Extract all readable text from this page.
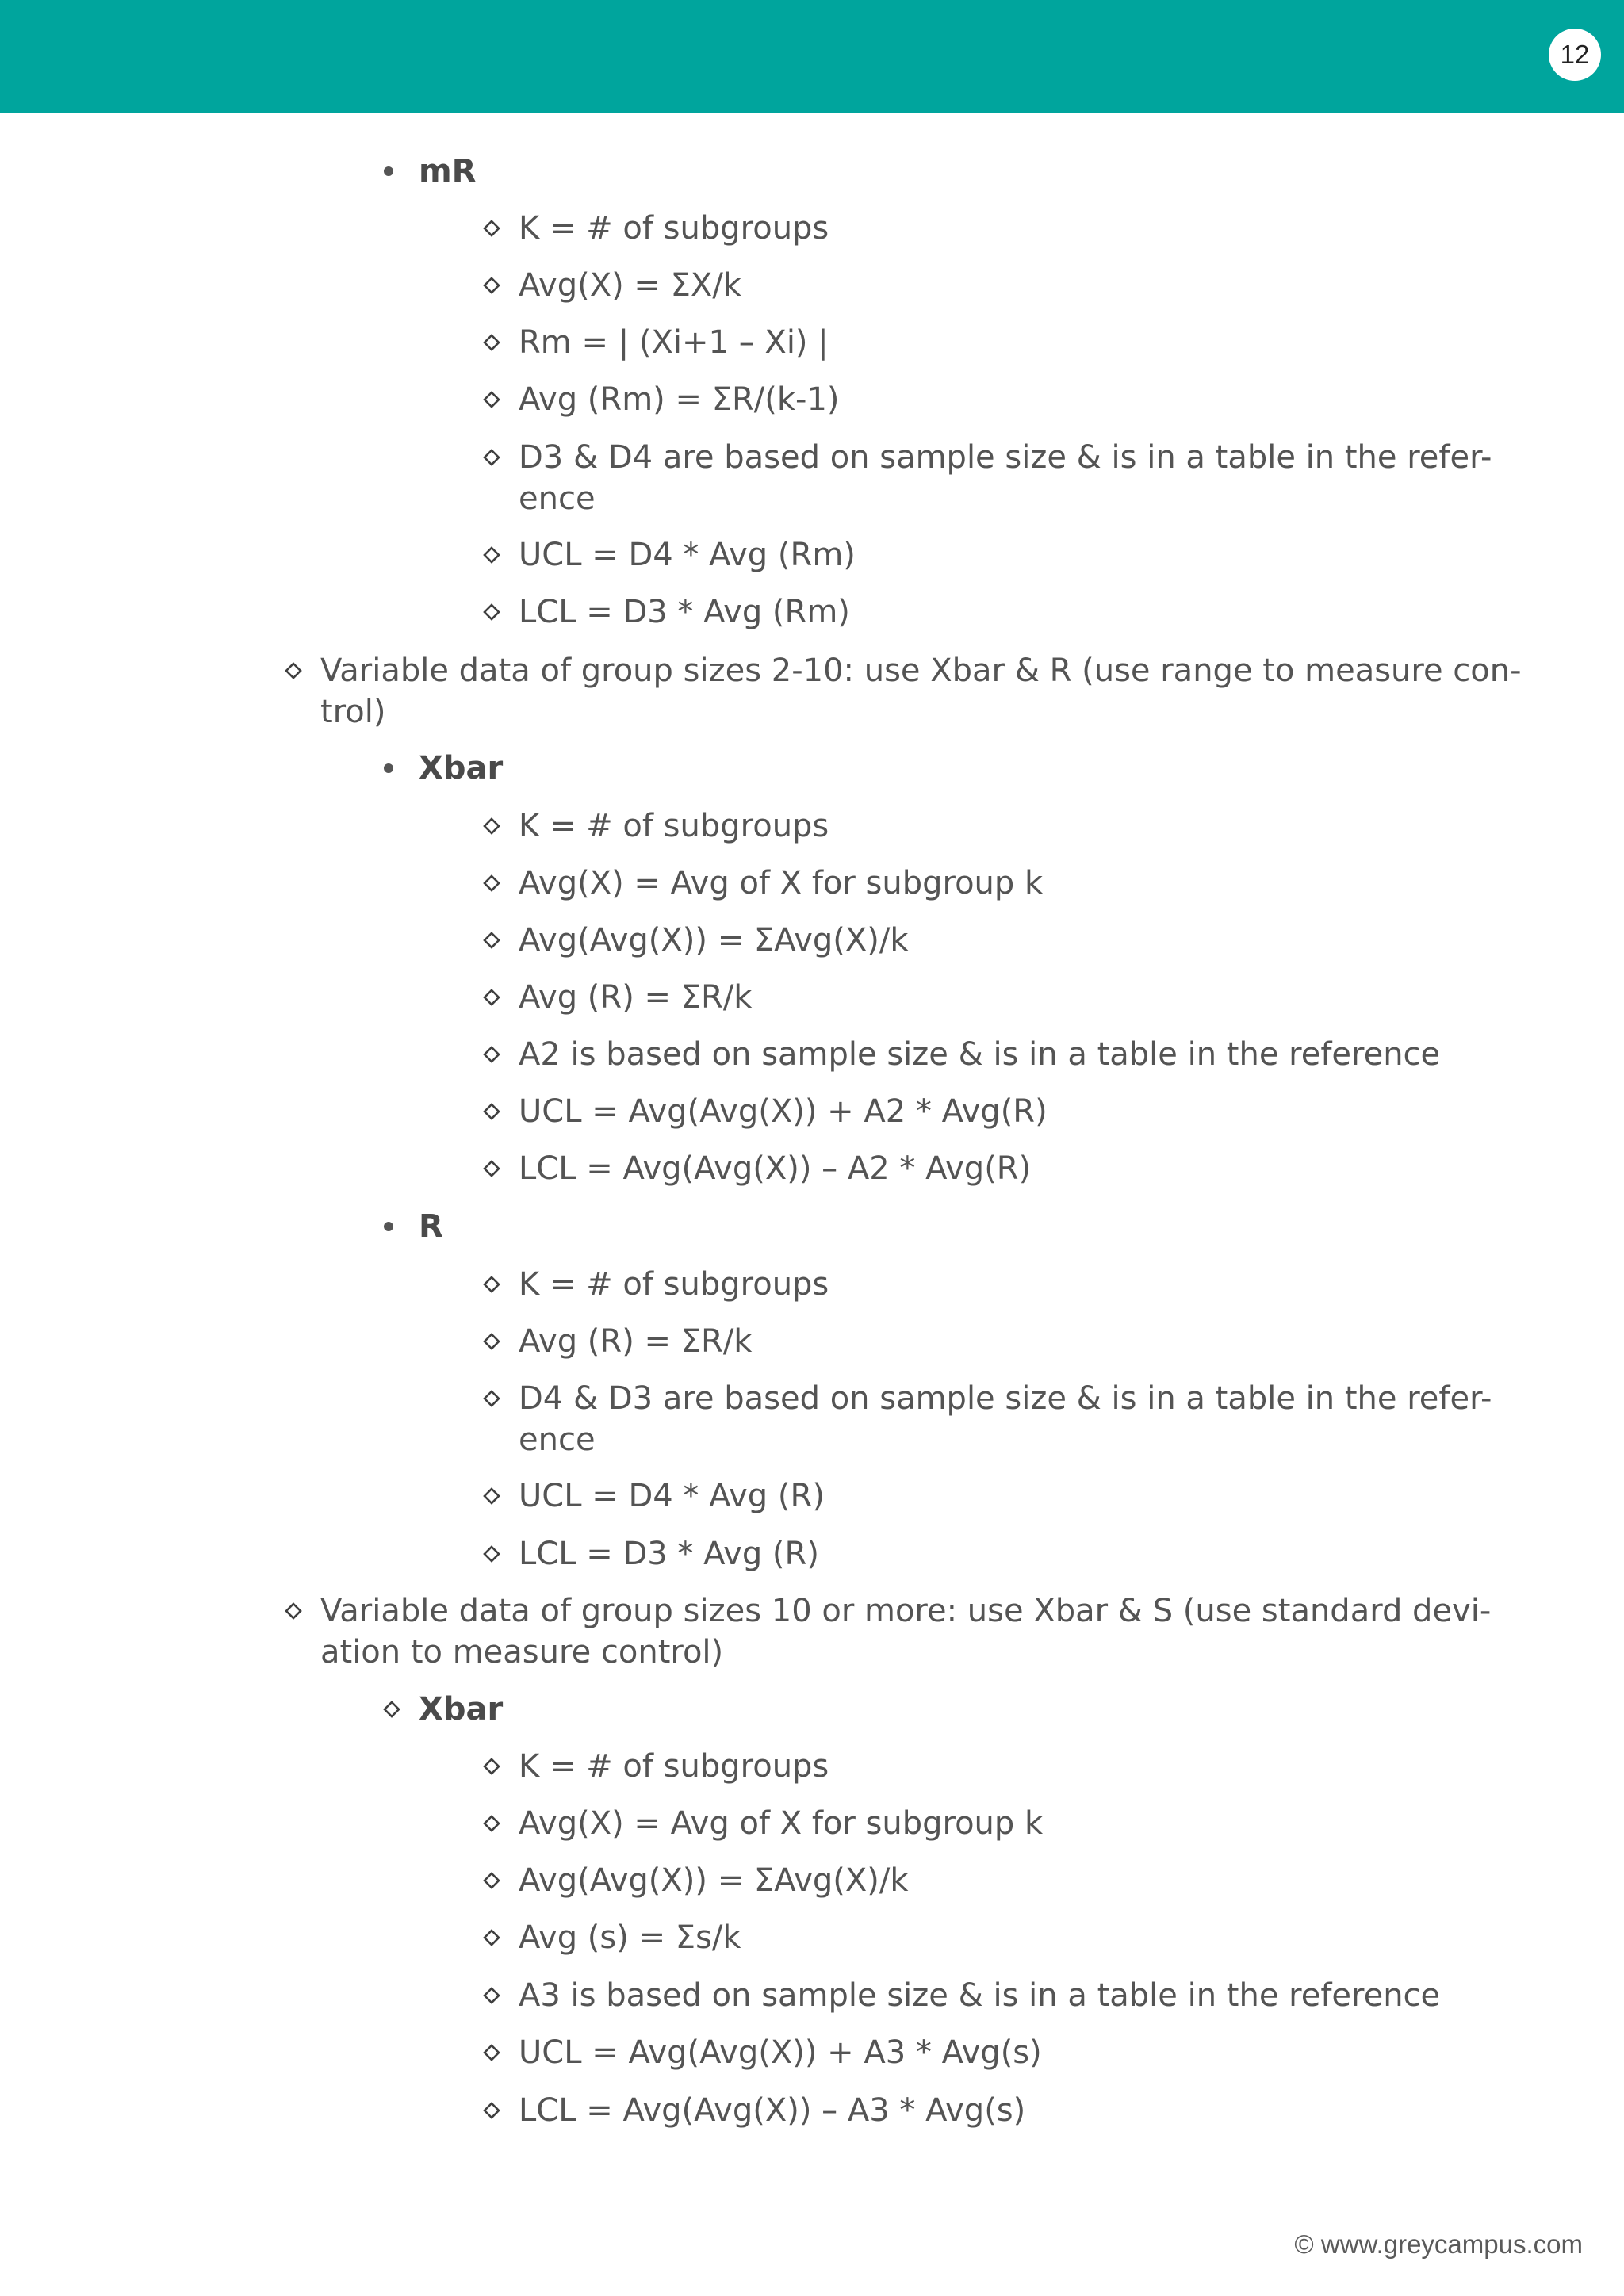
12
mR
K = # of subgroups
Avg(X) = ΣX/k
Rm = | (Xi+1 – Xi) |
Avg (Rm) = ΣR/(k-1)
D3 & D4 are based on sample size & is in a table in the refer-
ence
UCL = D4 * Avg (Rm)
LCL = D3 * Avg (Rm)
Variable data of group sizes 2-10: use Xbar & R (use range to measure con-
trol)
Xbar
K = # of subgroups
Avg(X) = Avg of X for subgroup k
Avg(Avg(X)) = ΣAvg(X)/k
Avg (R) = ΣR/k
A2 is based on sample size & is in a table in the reference
UCL = Avg(Avg(X)) + A2 * Avg(R)
LCL = Avg(Avg(X)) – A2 * Avg(R)
R
K = # of subgroups
Avg (R) = ΣR/k
D4 & D3 are based on sample size & is in a table in the refer-
ence
UCL = D4 * Avg (R)
LCL = D3 * Avg (R)
Variable data of group sizes 10 or more: use Xbar & S (use standard devi-
ation to measure control)
Xbar
K = # of subgroups
Avg(X) = Avg of X for subgroup k
Avg(Avg(X)) = ΣAvg(X)/k
Avg (s) = Σs/k
A3 is based on sample size & is in a table in the reference
UCL = Avg(Avg(X)) + A3 * Avg(s)
LCL = Avg(Avg(X)) – A3 * Avg(s)
© www.greycampus.com
